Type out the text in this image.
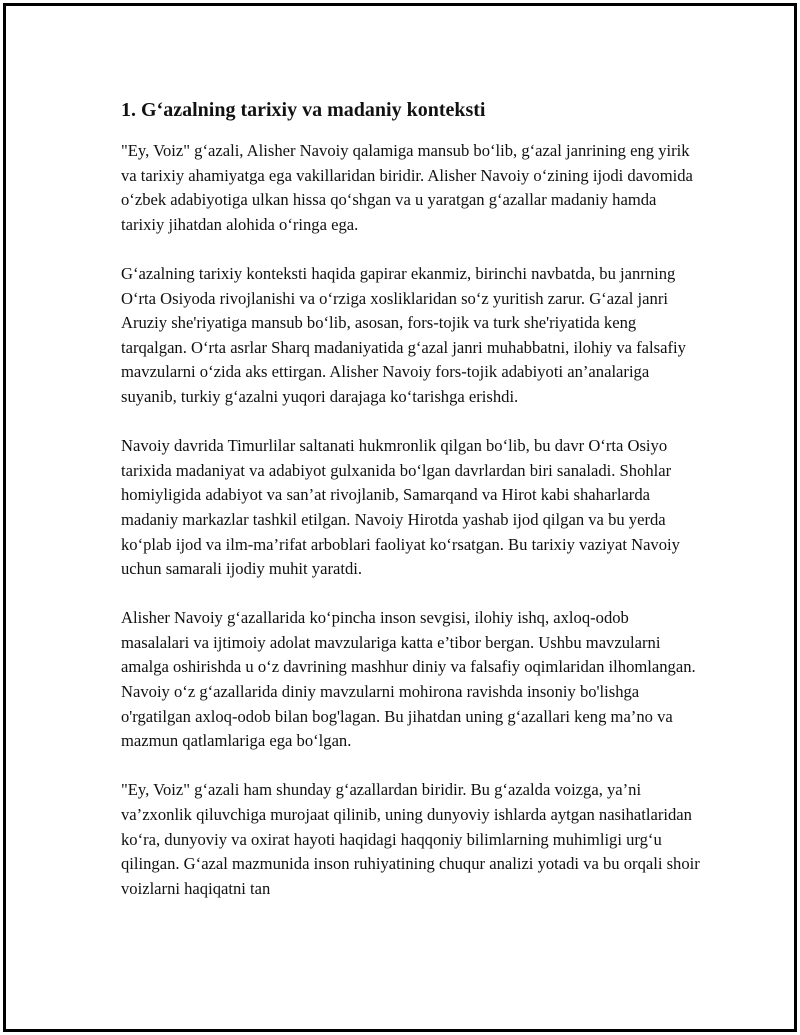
1. G‘azalning tarixiy va madaniy konteksti

"Ey, Voiz" g‘azali, Alisher Navoiy qalamiga mansub bo‘lib, g‘azal janrining eng yirik va tarixiy ahamiyatga ega vakillaridan biridir. Alisher Navoiy o‘zining ijodi davomida o‘zbek adabiyotiga ulkan hissa qo‘shgan va u yaratgan g‘azallar madaniy hamda tarixiy jihatdan alohida o‘ringa ega.

G‘azalning tarixiy konteksti haqida gapirar ekanmiz, birinchi navbatda, bu janrning O‘rta Osiyoda rivojlanishi va o‘rziga xosliklaridan so‘z yuritish zarur. G‘azal janri Aruziy she'riyatiga mansub bo‘lib, asosan, fors-tojik va turk she'riyatida keng tarqalgan. O‘rta asrlar Sharq madaniyatida g‘azal janri muhabbatni, ilohiy va falsafiy mavzularni o‘zida aks ettirgan. Alisher Navoiy fors-tojik adabiyoti an’analariga suyanib, turkiy g‘azalni yuqori darajaga ko‘tarishga erishdi.

Navoiy davrida Timurlilar saltanati hukmronlik qilgan bo‘lib, bu davr O‘rta Osiyo tarixida madaniyat va adabiyot gulxanida bo‘lgan davrlardan biri sanaladi. Shohlar homiyligida adabiyot va san’at rivojlanib, Samarqand va Hirot kabi shaharlarda madaniy markazlar tashkil etilgan. Navoiy Hirotda yashab ijod qilgan va bu yerda ko‘plab ijod va ilm-ma’rifat arboblari faoliyat ko‘rsatgan. Bu tarixiy vaziyat Navoiy uchun samarali ijodiy muhit yaratdi.

Alisher Navoiy g‘azallarida ko‘pincha inson sevgisi, ilohiy ishq, axloq-odob masalalari va ijtimoiy adolat mavzulariga katta e’tibor bergan. Ushbu mavzularni amalga oshirishda u o‘z davrining mashhur diniy va falsafiy oqimlaridan ilhomlangan. Navoiy o‘z g‘azallarida diniy mavzularni mohirona ravishda insoniy bo'lishga o'rgatilgan axloq-odob bilan bog'lagan. Bu jihatdan uning g‘azallari keng ma’no va mazmun qatlamlariga ega bo‘lgan.

"Ey, Voiz" g‘azali ham shunday g‘azallardan biridir. Bu g‘azalda voizga, ya’ni va’zxonlik qiluvchiga murojaat qilinib, uning dunyoviy ishlarda aytgan nasihatlaridan ko‘ra, dunyoviy va oxirat hayoti haqidagi haqqoniy bilimlarning muhimligi urg‘u qilingan. G‘azal mazmunida inson ruhiyatining chuqur analizi yotadi va bu orqali shoir voizlarni haqiqatni tan
